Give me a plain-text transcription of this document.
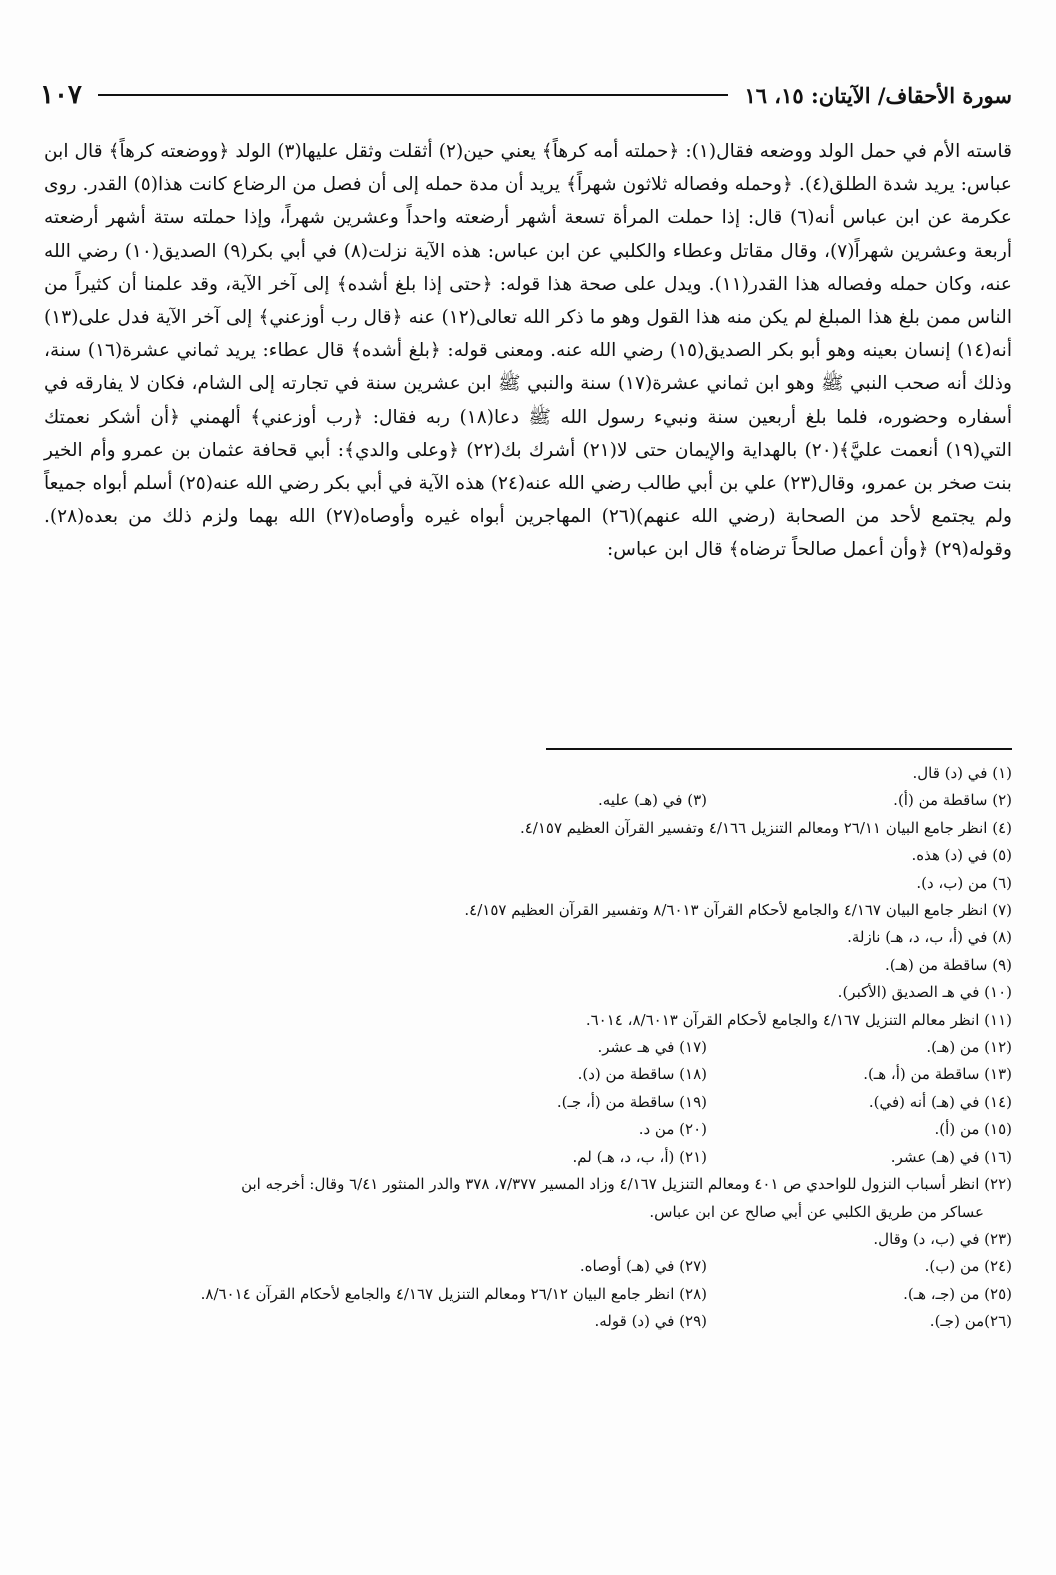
سورة الأحقاف/ الآيتان: ١٥، ١٦
١٠٧

قاسته الأم في حمل الولد ووضعه فقال(١): ﴿حملته أمه كرهاً﴾ يعني حين(٢) أثقلت وثقل عليها(٣) الولد ﴿ووضعته كرهاً﴾ قال ابن عباس: يريد شدة الطلق(٤). ﴿وحمله وفصاله ثلاثون شهراً﴾ يريد أن مدة حمله إلى أن فصل من الرضاع كانت هذا(٥) القدر. روى عكرمة عن ابن عباس أنه(٦) قال: إذا حملت المرأة تسعة أشهر أرضعته واحداً وعشرين شهراً، وإذا حملته ستة أشهر أرضعته أربعة وعشرين شهراً(٧)، وقال مقاتل وعطاء والكلبي عن ابن عباس: هذه الآية نزلت(٨) في أبي بكر(٩) الصديق(١٠) رضي الله عنه، وكان حمله وفصاله هذا القدر(١١). ويدل على صحة هذا قوله: ﴿حتى إذا بلغ أشده﴾ إلى آخر الآية، وقد علمنا أن كثيراً من الناس ممن بلغ هذا المبلغ لم يكن منه هذا القول وهو ما ذكر الله تعالى(١٢) عنه ﴿قال رب أوزعني﴾ إلى آخر الآية فدل على(١٣) أنه(١٤) إنسان بعينه وهو أبو بكر الصديق(١٥) رضي الله عنه. ومعنى قوله: ﴿بلغ أشده﴾ قال عطاء: يريد ثماني عشرة(١٦) سنة، وذلك أنه صحب النبي ﷺ وهو ابن ثماني عشرة(١٧) سنة والنبي ﷺ ابن عشرين سنة في تجارته إلى الشام، فكان لا يفارقه في أسفاره وحضوره، فلما بلغ أربعين سنة ونبيء رسول الله ﷺ دعا(١٨) ربه فقال: ﴿رب أوزعني﴾ ألهمني ﴿أن أشكر نعمتك التي(١٩) أنعمت عليَّ﴾(٢٠) بالهداية والإيمان حتى لا(٢١) أشرك بك(٢٢) ﴿وعلى والدي﴾: أبي قحافة عثمان بن عمرو وأم الخير بنت صخر بن عمرو، وقال(٢٣) علي بن أبي طالب رضي الله عنه(٢٤) هذه الآية في أبي بكر رضي الله عنه(٢٥) أسلم أبواه جميعاً ولم يجتمع لأحد من الصحابة (رضي الله عنهم)(٢٦) المهاجرين أبواه غيره وأوصاه(٢٧) الله بهما ولزم ذلك من بعده(٢٨). وقوله(٢٩) ﴿وأن أعمل صالحاً ترضاه﴾ قال ابن عباس:

(١) في (د) قال.
(٢) ساقطة من (أ).
(٣) في (هـ) عليه.
(٤) انظر جامع البيان ٢٦/١١ ومعالم التنزيل ٤/١٦٦ وتفسير القرآن العظيم ٤/١٥٧.
(٥) في (د) هذه.
(٦) من (ب، د).
(٧) انظر جامع البيان ٤/١٦٧ والجامع لأحكام القرآن ٨/٦٠١٣ وتفسير القرآن العظيم ٤/١٥٧.
(٨) في (أ، ب، د، هـ) نازلة.
(٩) ساقطة من (هـ).
(١٠) في هـ الصديق (الأكبر).
(١١) انظر معالم التنزيل ٤/١٦٧ والجامع لأحكام القرآن ٨/٦٠١٣، ٦٠١٤.
(١٢) من (هـ).
(١٧) في هـ عشر.
(١٣) ساقطة من (أ، هـ).
(١٨) ساقطة من (د).
(١٤) في (هـ) أنه (في).
(١٩) ساقطة من (أ، جـ).
(١٥) من (أ).
(٢٠) من د.
(١٦) في (هـ) عشر.
(٢١) (أ، ب، د، هـ) لم.
(٢٢) انظر أسباب النزول للواحدي ص ٤٠١ ومعالم التنزيل ٤/١٦٧ وزاد المسير ٧/٣٧٧، ٣٧٨ والدر المنثور ٦/٤١ وقال: أخرجه ابن
عساكر من طريق الكلبي عن أبي صالح عن ابن عباس.
(٢٣) في (ب، د) وقال.
(٢٤) من (ب).
(٢٧) في (هـ) أوصاه.
(٢٥) من (جـ، هـ).
(٢٨) انظر جامع البيان ٢٦/١٢ ومعالم التنزيل ٤/١٦٧ والجامع لأحكام القرآن ٨/٦٠١٤.
(٢٦)من (جـ).
(٢٩) في (د) قوله.
